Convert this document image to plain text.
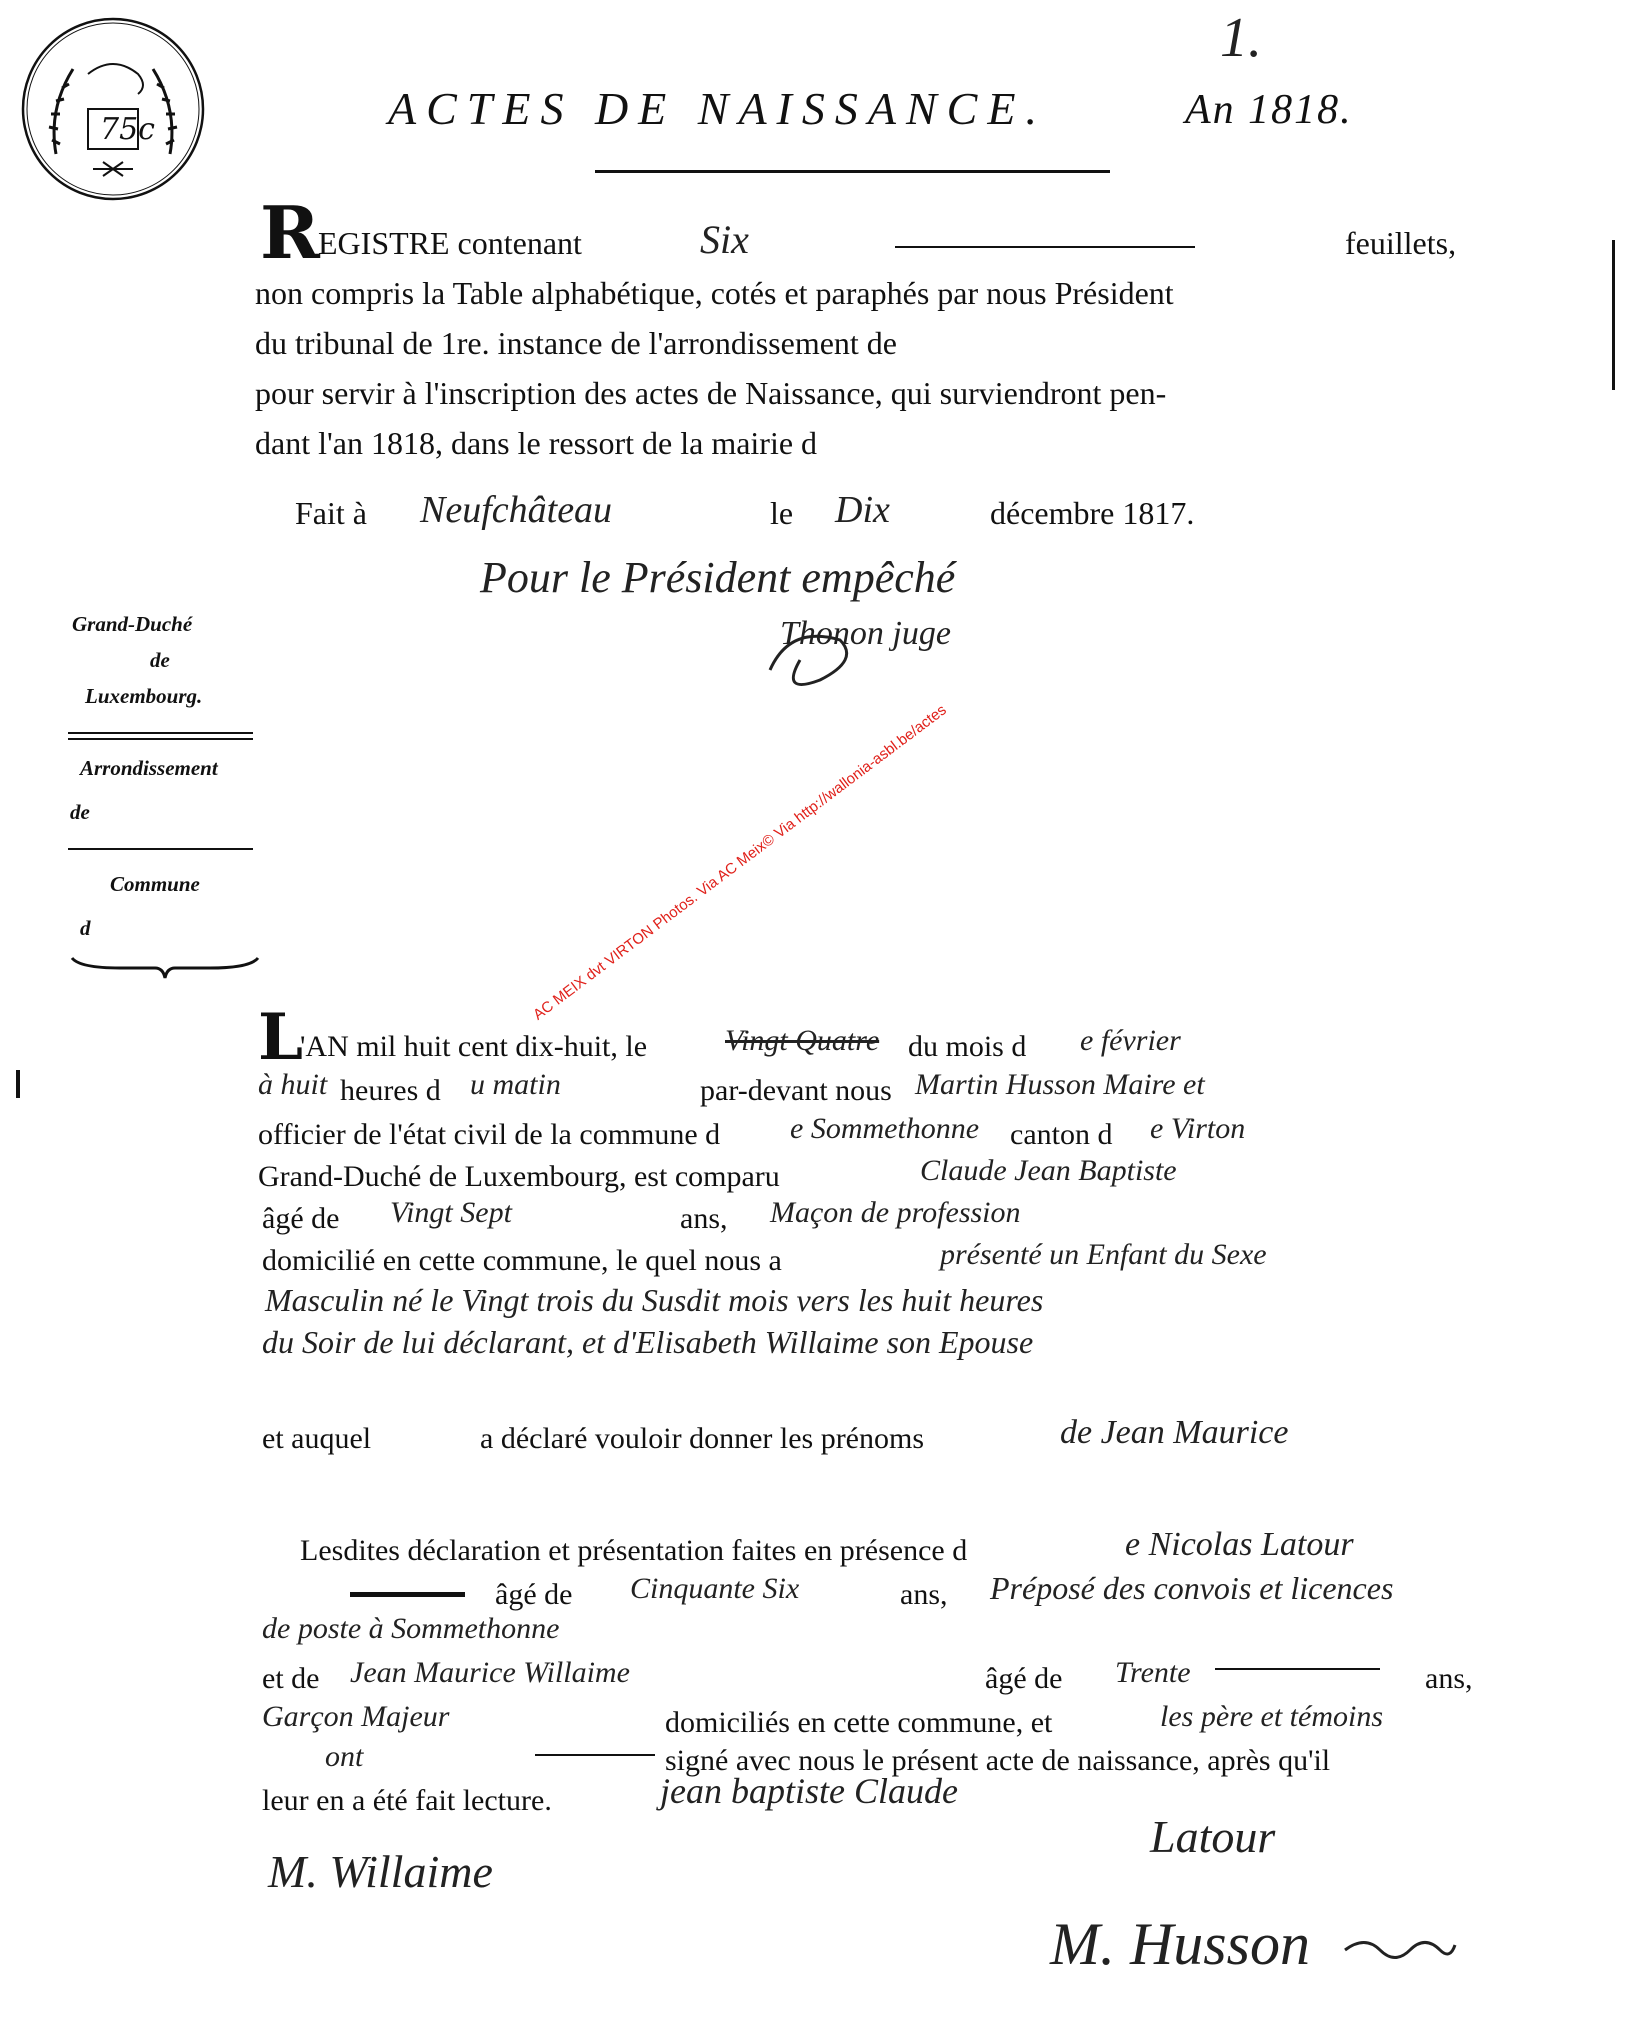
75c
1.
ACTES DE NAISSANCE.	An 1818.
R
EGISTRE contenant	Six	feuillets,
non compris la Table alphabétique, cotés et paraphés par nous Président
du tribunal de 1re. instance de l'arrondissement de
pour servir à l'inscription des actes de Naissance, qui surviendront pen-
dant l'an 1818, dans le ressort de la mairie d
Fait à Neufchâteau	le Dix	décembre 1817.
Pour le Président empêché
Thonon juge
Grand-Duché
de
Luxembourg.
Arrondissement
de
Commune
d	AC MEIX dvt VIRTON Photos. Via AC Meix© Via http://wallonia-asbl.be/actes
L
'AN mil huit cent dix-huit, le	Vingt Quatre du mois d e février
à huit heures d u matin	par-devant nous Martin Husson Maire et
officier de l'état civil de la commune d e Sommethonne canton d e Virton
Grand-Duché de Luxembourg, est comparu	Claude Jean Baptiste
âgé de Vingt Sept	ans, Maçon de profession
domicilié en cette commune, le quel nous a	présenté un Enfant du Sexe
Masculin né le Vingt trois du Susdit mois vers les huit heures
du Soir de lui déclarant, et d'Elisabeth Willaime son Epouse
et auquel	a déclaré vouloir donner les prénoms	de Jean Maurice
Lesdites déclaration et présentation faites en présence d	e Nicolas Latour
âgé de Cinquante Six	ans, Préposé des convois et licences
de poste à Sommethonne
et de Jean Maurice Willaime	âgé de Trente	ans,
Garçon Majeur	domiciliés en cette commune, et	les père et témoins
ont	signé avec nous le présent acte de naissance, après qu'il
leur en a été fait lecture.	jean baptiste Claude
Latour
M. Willaime
M. Husson
